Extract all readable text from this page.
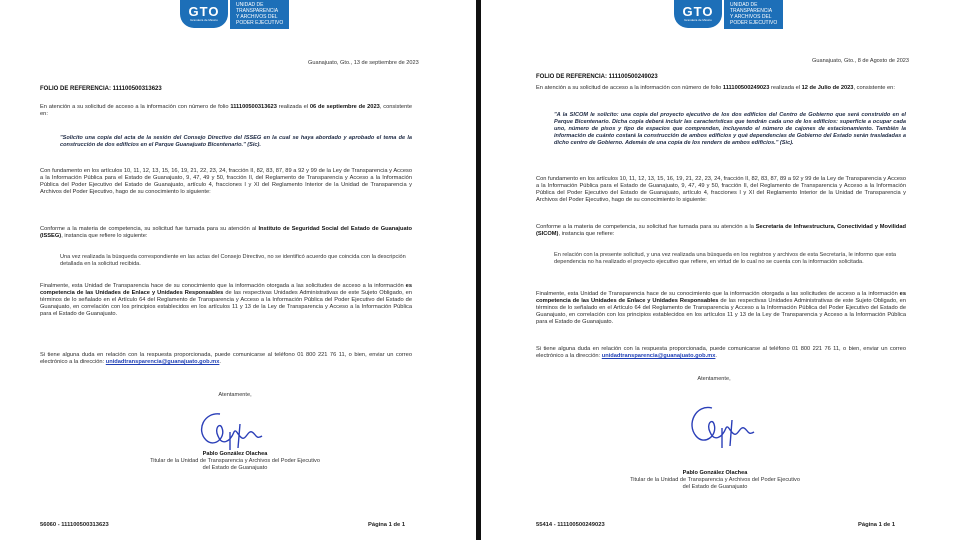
GTO
Grandeza de México
UNIDAD DE
TRANSPARENCIA
Y ARCHIVOS DEL
PODER EJECUTIVO
Guanajuato, Gto., 13 de septiembre de 2023
FOLIO DE REFERENCIA: 111100500313623

En atención a su solicitud de acceso a la información con número de folio 111100500313623 realizada el 06 de septiembre de 2023, consistente en:

"Solicito una copia del acta de la sesión del Consejo Directivo del ISSEG en la cual se haya abordado y aprobado el tema de la construcción de dos edificios en el Parque Guanajuato Bicentenario." (Sic).

Con fundamento en los artículos 10, 11, 12, 13, 15, 16, 19, 21, 22, 23, 24, fracción II, 82, 83, 87, 89 a 92 y 99 de la Ley de Transparencia y Acceso a la Información Pública para el Estado de Guanajuato, 9, 47, 49 y 50, fracción II, del Reglamento de Transparencia y Acceso a la Información Pública del Poder Ejecutivo del Estado de Guanajuato, artículo 4, fracciones I y XI del Reglamento Interior de la Unidad de Transparencia y Archivos del Poder Ejecutivo, hago de su conocimiento lo siguiente:

Conforme a la materia de competencia, su solicitud fue turnada para su atención al Instituto de Seguridad Social del Estado de Guanajuato (ISSEG), instancia que refiere lo siguiente:

Una vez realizada la búsqueda correspondiente en las actas del Consejo Directivo, no se identificó acuerdo que coincida con la descripción detallada en la solicitud recibida.

Finalmente, esta Unidad de Transparencia hace de su conocimiento que la información otorgada a las solicitudes de acceso a la información es competencia de las Unidades de Enlace y Unidades Responsables de las respectivas Unidades Administrativas de este Sujeto Obligado, en términos de lo señalado en el Artículo 64 del Reglamento de Transparencia y Acceso a la Información Pública del Poder Ejecutivo del Estado de Guanajuato, en correlación con los principios establecidos en los artículos 11 y 13 de la Ley de Transparencia y Acceso a la Información Pública para el Estado de Guanajuato.

Si tiene alguna duda en relación con la respuesta proporcionada, puede comunicarse al teléfono 01 800 221 76 11, o bien, enviar un correo electrónico a la dirección: unidadtransparencia@guanajuato.gob.mx.

Atentamente,
Pablo González Olachea
Titular de la Unidad de Transparencia y Archivos del Poder Ejecutivo
del Estado de Guanajuato
56060 - 111100500313623	Página 1 de 1
GTO
Grandeza de México
UNIDAD DE
TRANSPARENCIA
Y ARCHIVOS DEL
PODER EJECUTIVO
Guanajuato, Gto., 8 de Agosto de 2023
FOLIO DE REFERENCIA: 111100500249023

En atención a su solicitud de acceso a la información con número de folio 111100500249023 realizada el 12 de Julio de 2023, consistente en:

"A la SICOM le solicito: una copia del proyecto ejecutivo de los dos edificios del Centro de Gobierno que será construido en el Parque Bicentenario. Dicha copia deberá incluir las características que tendrán cada uno de los edificios: superficie a ocupar cada uno, número de pisos y tipo de espacios que comprenden, incluyendo el número de cajones de estacionamiento. También la información de cuánto costará la construcción de ambos edificios y qué dependencias de Gobierno del Estado serán trasladadas a dicho centro de Gobierno. Además de una copia de los renders de ambos edificios." (Sic).

Con fundamento en los artículos 10, 11, 12, 13, 15, 16, 19, 21, 22, 23, 24, fracción II, 82, 83, 87, 89 a 92 y 99 de la Ley de Transparencia y Acceso a la Información Pública para el Estado de Guanajuato, 9, 47, 49 y 50, fracción II, del Reglamento de Transparencia y Acceso a la Información Pública del Poder Ejecutivo del Estado de Guanajuato, artículo 4, fracciones I y XI del Reglamento Interior de la Unidad de Transparencia y Archivos del Poder Ejecutivo, hago de su conocimiento lo siguiente:

Conforme a la materia de competencia, su solicitud fue turnada para su atención a la Secretaría de Infraestructura, Conectividad y Movilidad (SICOM), instancia que refiere:

En relación con la presente solicitud, y una vez realizada una búsqueda en los registros y archivos de esta Secretaría, le informo que esta dependencia no ha realizado el proyecto ejecutivo que refiere, en virtud de lo cual no se cuenta con la información solicitada.

Finalmente, esta Unidad de Transparencia hace de su conocimiento que la información otorgada a las solicitudes de acceso a la información es competencia de las Unidades de Enlace y Unidades Responsables de las respectivas Unidades Administrativas de este Sujeto Obligado, en términos de lo señalado en el Artículo 64 del Reglamento de Transparencia y Acceso a la Información Pública del Poder Ejecutivo del Estado de Guanajuato, en correlación con los principios establecidos en los artículos 11 y 13 de la Ley de Transparencia y Acceso a la Información Pública para el Estado de Guanajuato.

Si tiene alguna duda en relación con la respuesta proporcionada, puede comunicarse al teléfono 01 800 221 76 11, o bien, enviar un correo electrónico a la dirección: unidadtransparencia@guanajuato.gob.mx.

Atentamente,
Pablo González Olachea
Titular de la Unidad de Transparencia y Archivos del Poder Ejecutivo
del Estado de Guanajuato
55414 - 111100500249023	Página 1 de 1
